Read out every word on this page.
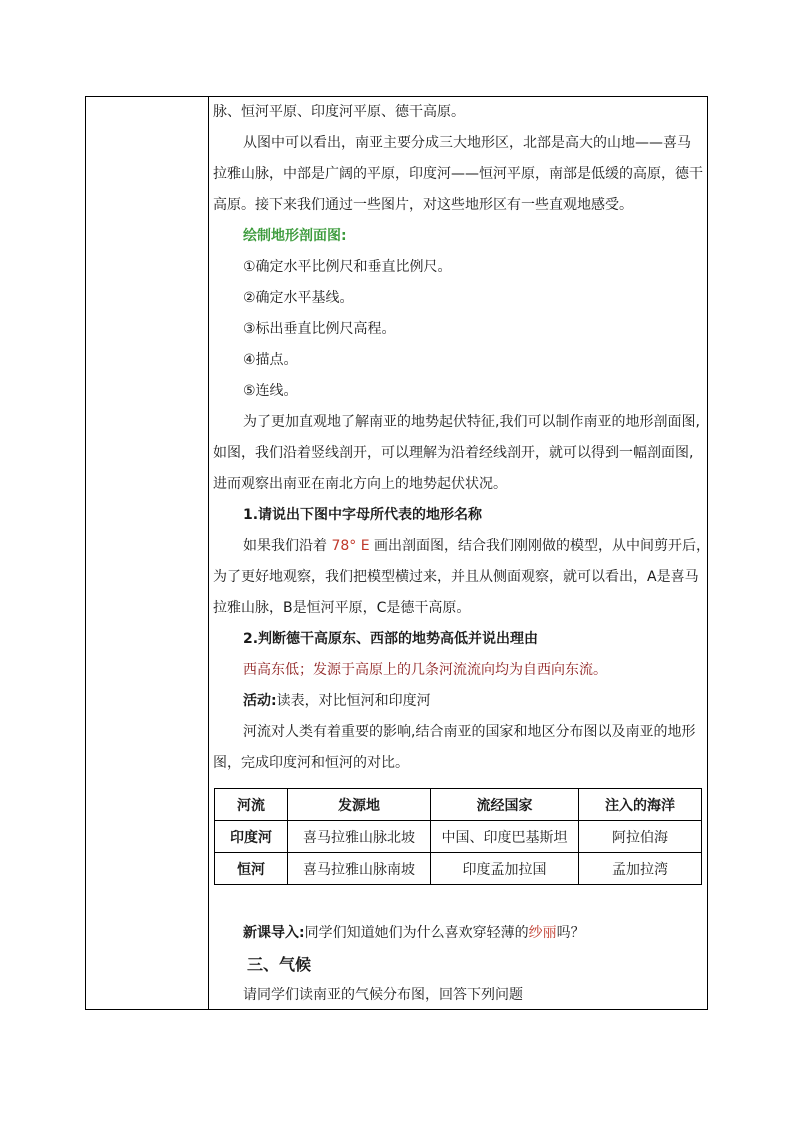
脉、恒河平原、印度河平原、德干高原。

从图中可以看出，南亚主要分成三大地形区，北部是高大的山地——喜马

拉雅山脉，中部是广阔的平原，印度河——恒河平原，南部是低缓的高原，德干

高原。接下来我们通过一些图片，对这些地形区有一些直观地感受。

绘制地形剖面图:

①确定水平比例尺和垂直比例尺。

②确定水平基线。

③标出垂直比例尺高程。

④描点。

⑤连线。

为了更加直观地了解南亚的地势起伏特征,我们可以制作南亚的地形剖面图,

如图，我们沿着竖线剖开，可以理解为沿着经线剖开，就可以得到一幅剖面图,

进而观察出南亚在南北方向上的地势起伏状况。

1.请说出下图中字母所代表的地形名称

如果我们沿着 78° E 画出剖面图，结合我们刚刚做的模型，从中间剪开后，

为了更好地观察，我们把模型横过来，并且从侧面观察，就可以看出，A是喜马

拉雅山脉，B是恒河平原，C是德干高原。

2.判断德干高原东、西部的地势高低并说出理由

西高东低；发源于高原上的几条河流流向均为自西向东流。

活动:读表，对比恒河和印度河

河流对人类有着重要的影响,结合南亚的国家和地区分布图以及南亚的地形

图，完成印度河和恒河的对比。

河流	发源地	流经国家	注入的海洋
印度河	喜马拉雅山脉北坡	中国、印度巴基斯坦	阿拉伯海
恒河	喜马拉雅山脉南坡	印度孟加拉国	孟加拉湾

新课导入:同学们知道她们为什么喜欢穿轻薄的纱丽吗？

三、气候

请同学们读南亚的气候分布图，回答下列问题
